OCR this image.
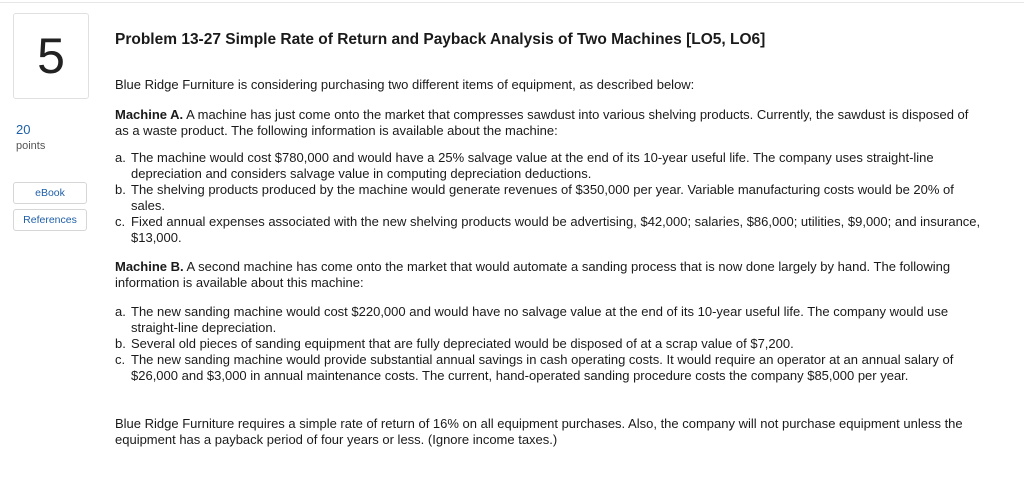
5
20
points
eBook
References
Problem 13-27 Simple Rate of Return and Payback Analysis of Two Machines [LO5, LO6]

Blue Ridge Furniture is considering purchasing two different items of equipment, as described below:

Machine A. A machine has just come onto the market that compresses sawdust into various shelving products. Currently, the sawdust is disposed of as a waste product. The following information is available about the machine:

a. The machine would cost $780,000 and would have a 25% salvage value at the end of its 10-year useful life. The company uses straight-line depreciation and considers salvage value in computing depreciation deductions.
b. The shelving products produced by the machine would generate revenues of $350,000 per year. Variable manufacturing costs would be 20% of sales.
c. Fixed annual expenses associated with the new shelving products would be advertising, $42,000; salaries, $86,000; utilities, $9,000; and insurance, $13,000.

Machine B. A second machine has come onto the market that would automate a sanding process that is now done largely by hand. The following information is available about this machine:

a. The new sanding machine would cost $220,000 and would have no salvage value at the end of its 10-year useful life. The company would use straight-line depreciation.
b. Several old pieces of sanding equipment that are fully depreciated would be disposed of at a scrap value of $7,200.
c. The new sanding machine would provide substantial annual savings in cash operating costs. It would require an operator at an annual salary of $26,000 and $3,000 in annual maintenance costs. The current, hand-operated sanding procedure costs the company $85,000 per year.

Blue Ridge Furniture requires a simple rate of return of 16% on all equipment purchases. Also, the company will not purchase equipment unless the equipment has a payback period of four years or less. (Ignore income taxes.)
